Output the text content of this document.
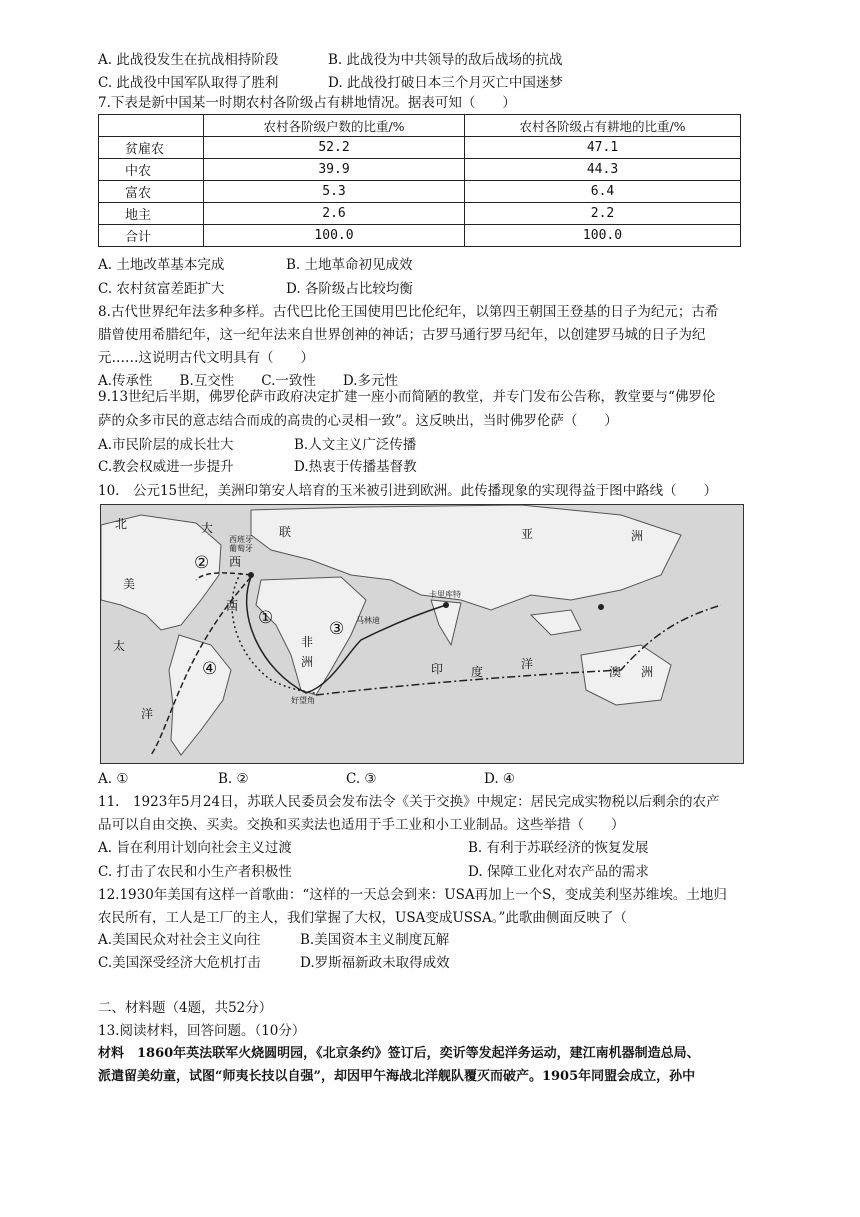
A. 此战役发生在抗战相持阶段	B. 此战役为中共领导的敌后战场的抗战
C. 此战役中国军队取得了胜利	D. 此战役打破日本三个月灭亡中国迷梦
7.下表是新中国某一时期农村各阶级占有耕地情况。据表可知（　　）
	农村各阶级户数的比重/%	农村各阶级占有耕地的比重/%
贫雇农	52.2	47.1
中农	39.9	44.3
富农	5.3	6.4
地主	2.6	2.2
合计	100.0	100.0
A. 土地改革基本完成	B. 土地革命初见成效
C. 农村贫富差距扩大	D. 各阶级占比较均衡
8.古代世界纪年法多种多样。古代巴比伦王国使用巴比伦纪年，以第四王朝国王登基的日子为纪元；古希
腊曾使用希腊纪年，这一纪年法来自世界创神的神话；古罗马通行罗马纪年，以创建罗马城的日子为纪
元……这说明古代文明具有（　　）
A.传承性　　B.互交性　　C.一致性　　D.多元性
9.13世纪后半期，佛罗伦萨市政府决定扩建一座小而简陋的教堂，并专门发布公告称，教堂要与“佛罗伦
萨的众多市民的意志结合而成的高贵的心灵相一致”。这反映出，当时佛罗伦萨（　　）
A.市民阶层的成长壮大	B.人文主义广泛传播
C.教会权威进一步提升	D.热衷于传播基督教
10.　公元15世纪，美洲印第安人培育的玉米被引进到欧洲。此传播现象的实现得益于图中路线（　　）
北	大	联	亚	洲
美
西
西
太	非
洲	印 度
洋
澳 洲
洋
西班牙
葡萄牙
卡里库特
马林迪
好望角
①
②
③
④
A. ①	B. ②	C. ③	D. ④
11.　1923年5月24日，苏联人民委员会发布法令《关于交换》中规定：居民完成实物税以后剩余的农产
品可以自由交换、买卖。交换和买卖法也适用于手工业和小工业制品。这些举措（　　）
A. 旨在利用计划向社会主义过渡	B. 有利于苏联经济的恢复发展
C. 打击了农民和小生产者积极性	D. 保障工业化对农产品的需求
12.1930年美国有这样一首歌曲：“这样的一天总会到来：USA再加上一个S，变成美利坚苏维埃。土地归
农民所有，工人是工厂的主人，我们掌握了大权，USA变成USSA。”此歌曲侧面反映了（
A.美国民众对社会主义向往	B.美国资本主义制度瓦解
C.美国深受经济大危机打击	D.罗斯福新政未取得成效
二、材料题（4题，共52分）
13.阅读材料，回答问题。（10分）
材料　1860年英法联军火烧圆明园，《北京条约》签订后，奕䜣等发起洋务运动，建江南机器制造总局、
派遣留美幼童，试图“师夷长技以自强”，却因甲午海战北洋舰队覆灭而破产。1905年同盟会成立，孙中
